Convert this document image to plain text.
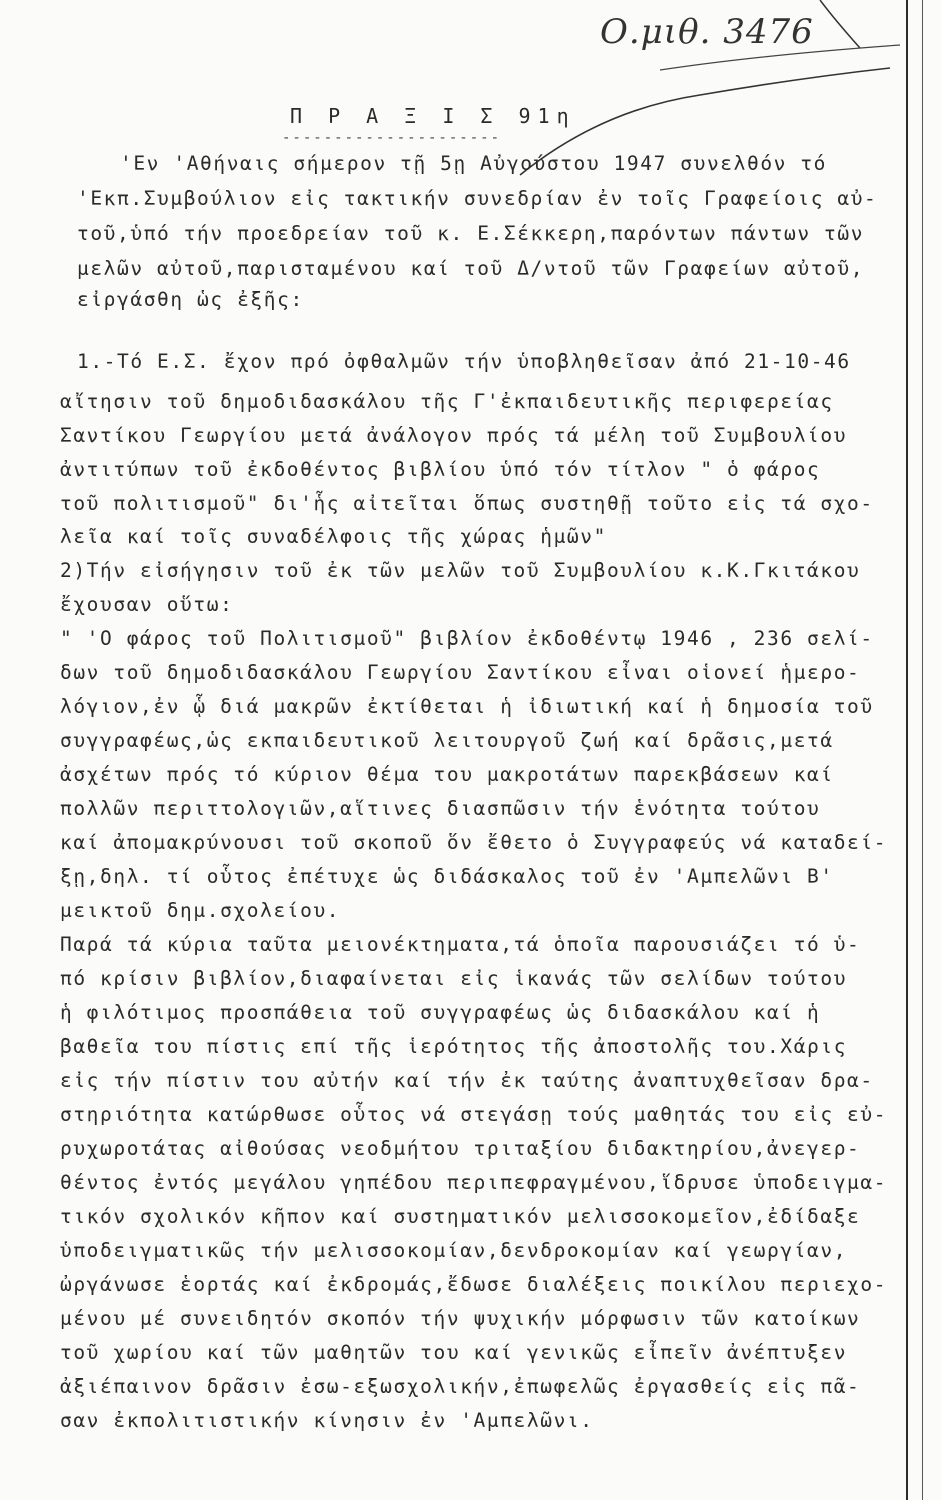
Ο.μιθ. 3476
Π Ρ Α Ξ Ι Σ 91η
---------------------
'Εν 'Αθήναις σήμερον τῇ 5ῃ Αὐγούστου 1947 συνελθόν τό
'Εκπ.Συμβούλιον εἰς τακτικήν συνεδρίαν ἐν τοῖς Γραφείοις αὐ-
τοῦ,ὑπό τήν προεδρείαν τοῦ κ. Ε.Σέκκερη,παρόντων πάντων τῶν
μελῶν αὐτοῦ,παρισταμένου καί τοῦ Δ/ντοῦ τῶν Γραφείων αὐτοῦ,
εἰργάσθη ὡς ἐξῆς:
1.-Τό Ε.Σ. ἔχον πρό ὀφθαλμῶν τήν ὑποβληθεῖσαν ἀπό 21-10-46
αἴτησιν τοῦ δημοδιδασκάλου τῆς Γ'ἐκπαιδευτικῆς περιφερείας
Σαντίκου Γεωργίου μετά ἀνάλογον πρός τά μέλη τοῦ Συμβουλίου
ἀντιτύπων τοῦ ἐκδοθέντος βιβλίου ὑπό τόν τίτλον " ὁ φάρος
τοῦ πολιτισμοῦ" δι'ἧς αἰτεῖται ὅπως συστηθῇ τοῦτο εἰς τά σχο-
λεῖα καί τοῖς συναδέλφοις τῆς χώρας ἡμῶν"
2)Τήν εἰσήγησιν τοῦ ἐκ τῶν μελῶν τοῦ Συμβουλίου κ.Κ.Γκιτάκου
ἔχουσαν οὕτω:
" 'Ο φάρος τοῦ Πολιτισμοῦ" βιβλίον ἐκδοθέντῳ 1946 , 236 σελί-
δων τοῦ δημοδιδασκάλου Γεωργίου Σαντίκου εἶναι οἱονεί ἡμερο-
λόγιον,ἐν ᾧ διά μακρῶν ἐκτίθεται ἡ ἰδιωτική καί ἡ δημοσία τοῦ
συγγραφέως,ὡς εκπαιδευτικοῦ λειτουργοῦ ζωή καί δρᾶσις,μετά
ἀσχέτων πρός τό κύριον θέμα του μακροτάτων παρεκβάσεων καί
πολλῶν περιττολογιῶν,αἵτινες διασπῶσιν τήν ἑνότητα τούτου
καί ἀπομακρύνουσι τοῦ σκοποῦ ὅν ἔθετο ὁ Συγγραφεύς νά καταδεί-
ξῃ,δηλ. τί οὗτος ἐπέτυχε ὡς διδάσκαλος τοῦ ἐν 'Αμπελῶνι Β'
μεικτοῦ δημ.σχολείου.
Παρά τά κύρια ταῦτα μειονέκτηματα,τά ὁποῖα παρουσιάζει τό ὑ-
πό κρίσιν βιβλίον,διαφαίνεται εἰς ἱκανάς τῶν σελίδων τούτου
ἡ φιλότιμος προσπάθεια τοῦ συγγραφέως ὡς διδασκάλου καί ἡ
βαθεῖα του πίστις επί τῆς ἱερότητος τῆς ἀποστολῆς του.Χάρις
εἰς τήν πίστιν του αὐτήν καί τήν ἐκ ταύτης ἀναπτυχθεῖσαν δρα-
στηριότητα κατώρθωσε οὗτος νά στεγάσῃ τούς μαθητάς του εἰς εὐ-
ρυχωροτάτας αἰθούσας νεοδμήτου τριταξίου διδακτηρίου,ἀνεγερ-
θέντος ἐντός μεγάλου γηπέδου περιπεφραγμένου,ἵδρυσε ὑποδειγμα-
τικόν σχολικόν κῆπον καί συστηματικόν μελισσοκομεῖον,ἐδίδαξε
ὑποδειγματικῶς τήν μελισσοκομίαν,δενδροκομίαν καί γεωργίαν,
ὠργάνωσε ἑορτάς καί ἐκδρομάς,ἔδωσε διαλέξεις ποικίλου περιεχο-
μένου μέ συνειδητόν σκοπόν τήν ψυχικήν μόρφωσιν τῶν κατοίκων
τοῦ χωρίου καί τῶν μαθητῶν του καί γενικῶς εἶπεῖν ἀνέπτυξεν
ἀξιέπαινον δρᾶσιν ἐσω-εξωσχολικήν,ἐπωφελῶς ἐργασθείς εἰς πᾶ-
σαν ἐκπολιτιστικήν κίνησιν ἐν 'Αμπελῶνι.
